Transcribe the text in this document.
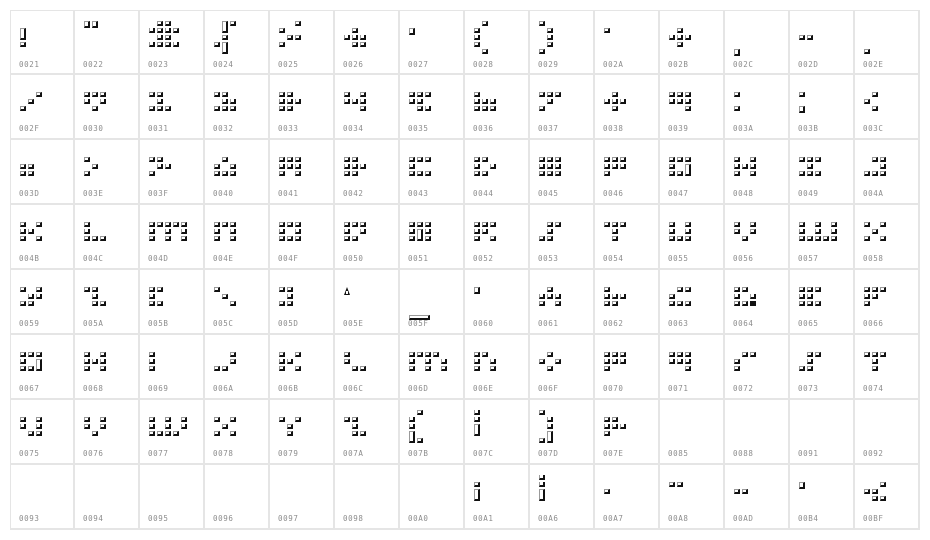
0021	0022	0023	0024	0025	0026	0027	0028	0029	002A	002B	002C	002D	002E
002F	0030	0031	0032	0033	0034	0035	0036	0037	0038	0039	003A	003B	003C
003D	003E	003F	0040	0041	0042	0043	0044	0045	0046	0047	0048	0049	004A
004B	004C	004D	004E	004F	0050	0051	0052	0053	0054	0055	0056	0057	0058
0059	005A	005B	005C	005D	005E	005F	0060	0061	0062	0063	0064	0065	0066
0067	0068	0069	006A	006B	006C	006D	006E	006F	0070	0071	0072	0073	0074
0075	0076	0077	0078	0079	007A	007B	007C	007D	007E	0085	0088	0091	0092
0093	0094	0095	0096	0097	0098	00A0	00A1	00A6	00A7	00A8	00AD	00B4	00BF
